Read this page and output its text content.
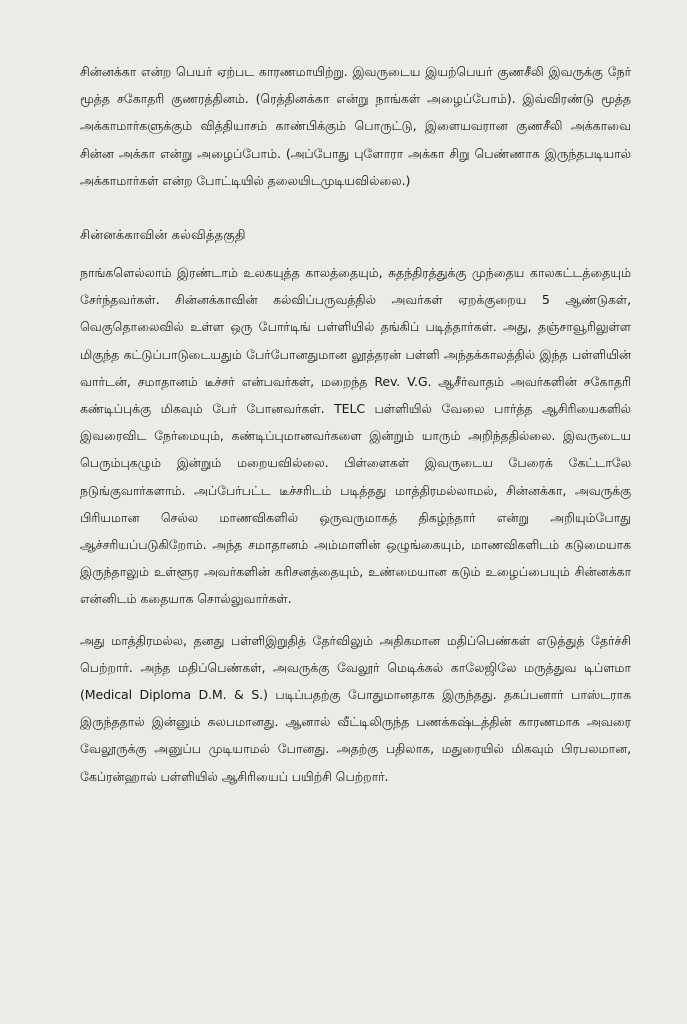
சின்னக்கா என்ற பெயர் ஏற்பட காரணமாயிற்று. இவருடைய இயற்பெயர் குணசீலி இவருக்கு நேர் மூத்த சகோதரி குணரத்தினம். (ரெத்தினக்கா என்று நாங்கள் அழைப்போம்). இவ்விரண்டு மூத்த அக்காமார்களுக்கும் வித்தியாசம் காண்பிக்கும் பொருட்டு, இளையவரான குணசீலி அக்காவை சின்ன அக்கா என்று அழைப்போம். (அப்போது புளோரா அக்கா சிறு பெண்ணாக இருந்தபடியால் அக்காமார்கள் என்ற போட்டியில் தலையிடமுடியவில்லை.)

சின்னக்காவின் கல்வித்தகுதி

நாங்களெல்லாம் இரண்டாம் உலகயுத்த காலத்தையும், சுதந்திரத்துக்கு முந்தைய காலகட்டத்தையும் சேர்ந்தவர்கள். சின்னக்காவின் கல்விப்பருவத்தில் அவர்கள் ஏறக்குறைய 5 ஆண்டுகள், வெகுதொலைவில் உள்ள ஒரு போர்டிங் பள்ளியில் தங்கிப் படித்தார்கள். அது, தஞ்சாவூரிலுள்ள மிகுந்த கட்டுப்பாடுடையதும் பேர்போனதுமான லூத்தரன் பள்ளி அந்தக்காலத்தில் இந்த பள்ளியின் வார்டன், சமாதானம் டீச்சர் என்பவர்கள், மறைந்த Rev. V.G. ஆசீர்வாதம் அவர்களின் சகோதரி கண்டிப்புக்கு மிகவும் பேர் போனவர்கள். TELC பள்ளியில் வேலை பார்த்த ஆசிரியைகளில் இவரைவிட நேர்மையும், கண்டிப்புமானவர்களை இன்றும் யாரும் அறிந்ததில்லை. இவருடைய பெரும்புகழும் இன்றும் மறையவில்லை. பிள்ளைகள் இவருடைய பேரைக் கேட்டாலே நடுங்குவார்களாம். அப்பேர்பட்ட டீச்சரிடம் படித்தது மாத்திரமல்லாமல், சின்னக்கா, அவருக்கு பிரியமான செல்ல மாணவிகளில் ஒருவருமாகத் திகழ்ந்தார் என்று அறியும்போது ஆச்சரியப்படுகிறோம். அந்த சமாதானம் அம்மாளின் ஒழுங்கையும், மாணவிகளிடம் கடுமையாக இருந்தாலும் உள்ளூர அவர்களின் கரிசனத்தையும், உண்மையான கடும் உழைப்பையும் சின்னக்கா என்னிடம் கதையாக சொல்லுவார்கள்.

அது மாத்திரமல்ல, தனது பள்ளிஇறுதித் தேர்விலும் அதிகமான மதிப்பெண்கள் எடுத்துத் தேர்ச்சி பெற்றார். அந்த மதிப்பெண்கள், அவருக்கு வேலூர் மெடிக்கல் காலேஜிலே மருத்துவ டிப்ளமா (Medical Diploma D.M. & S.) படிப்பதற்கு போதுமானதாக இருந்தது. தகப்பனார் பாஸ்டராக இருந்ததால் இன்னும் சுலபமானது. ஆனால் வீட்டிலிருந்த பணக்கஷ்டத்தின் காரணமாக அவரை வேலூருக்கு அனுப்ப முடியாமல் போனது. அதற்கு பதிலாக, மதுரையில் மிகவும் பிரபலமான, கேப்ரன்ஹால் பள்ளியில் ஆசிரியைப் பயிற்சி பெற்றார்.
